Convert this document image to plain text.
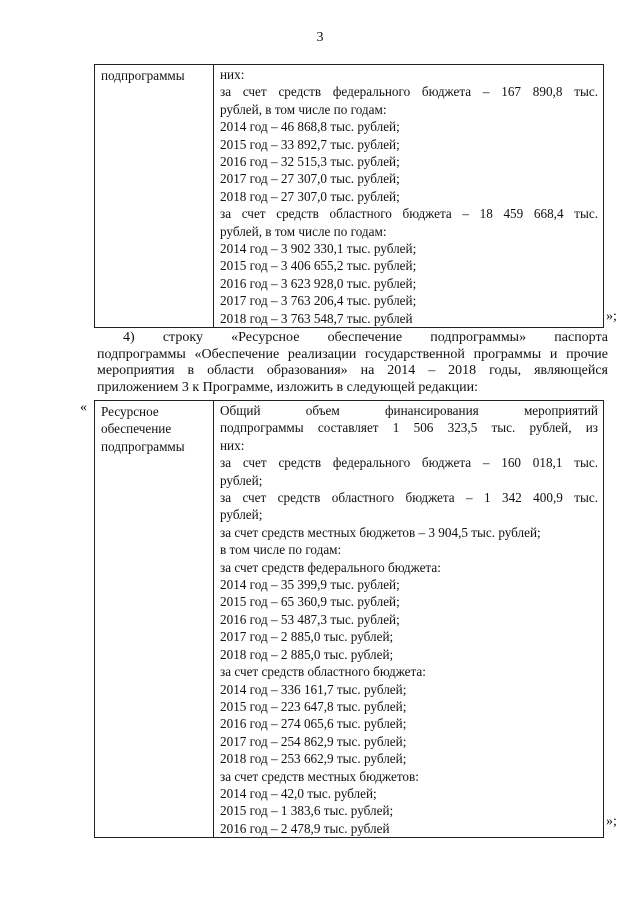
3
подпрограммы	них:
за счет средств федерального бюджета – 167 890,8 тыс.
рублей, в том числе по годам:
2014 год – 46 868,8 тыс. рублей;
2015 год – 33 892,7 тыс. рублей;
2016 год – 32 515,3 тыс. рублей;
2017 год – 27 307,0 тыс. рублей;
2018 год – 27 307,0 тыс. рублей;
за счет средств областного бюджета – 18 459 668,4 тыс.
рублей, в том числе по годам:
2014 год – 3 902 330,1 тыс. рублей;
2015 год – 3 406 655,2 тыс. рублей;
2016 год – 3 623 928,0 тыс. рублей;
2017 год – 3 763 206,4 тыс. рублей;
2018 год – 3 763 548,7 тыс. рублей	»;
4) строку «Ресурсное обеспечение подпрограммы» паспорта
подпрограммы «Обеспечение реализации государственной программы и прочие
мероприятия в области образования» на 2014 – 2018 годы, являющейся
приложением 3 к Программе, изложить в следующей редакции:
« Ресурсное
обеспечение
подпрограммы

Общий объем финансирования мероприятий
подпрограммы составляет 1 506 323,5 тыс. рублей, из
них:
за счет средств федерального бюджета – 160 018,1 тыс.
рублей;
за счет средств областного бюджета – 1 342 400,9 тыс.
рублей;
за счет средств местных бюджетов – 3 904,5 тыс. рублей;
в том числе по годам:
за счет средств федерального бюджета:
2014 год – 35 399,9 тыс. рублей;
2015 год – 65 360,9 тыс. рублей;
2016 год – 53 487,3 тыс. рублей;
2017 год – 2 885,0 тыс. рублей;
2018 год – 2 885,0 тыс. рублей;
за счет средств областного бюджета:
2014 год – 336 161,7 тыс. рублей;
2015 год – 223 647,8 тыс. рублей;
2016 год – 274 065,6 тыс. рублей;
2017 год – 254 862,9 тыс. рублей;
2018 год – 253 662,9 тыс. рублей;
за счет средств местных бюджетов:
2014 год – 42,0 тыс. рублей;
2015 год – 1 383,6 тыс. рублей;
2016 год – 2 478,9 тыс. рублей	»;
